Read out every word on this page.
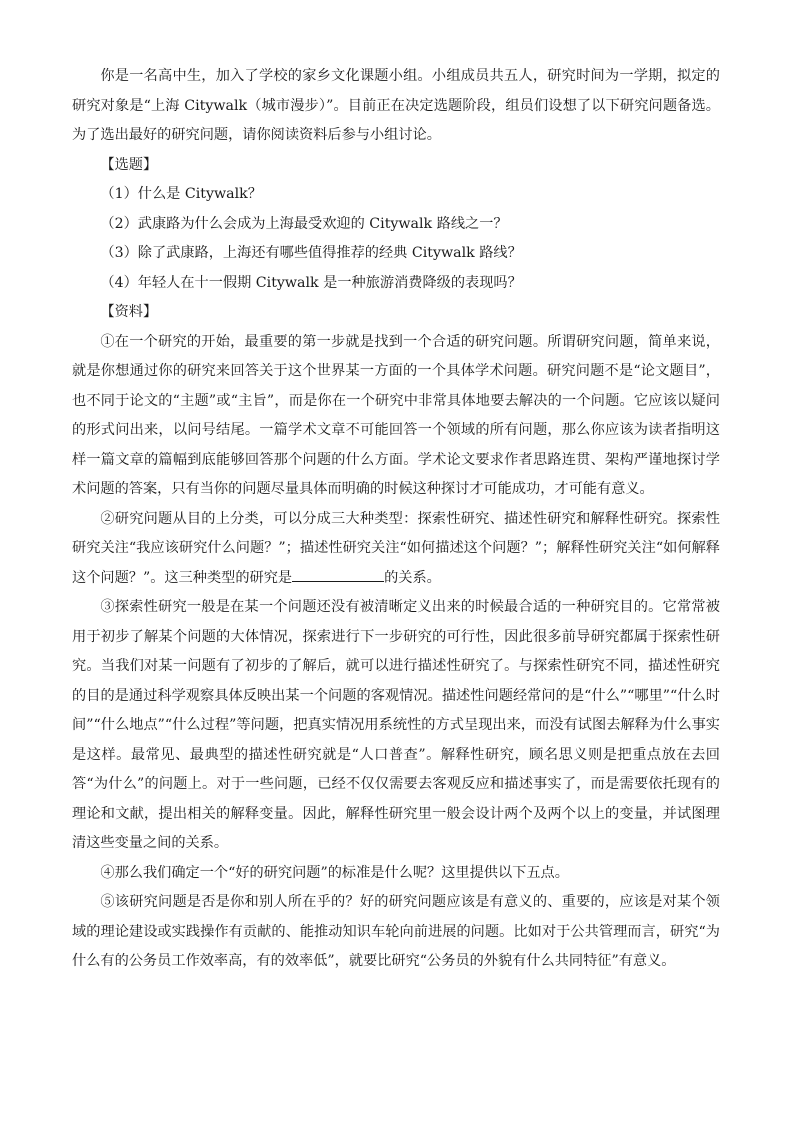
你是一名高中生，加入了学校的家乡文化课题小组。小组成员共五人，研究时间为一学期，拟定的研究对象是“上海 Citywalk（城市漫步）”。目前正在决定选题阶段，组员们设想了以下研究问题备选。为了选出最好的研究问题，请你阅读资料后参与小组讨论。

【选题】

（1）什么是 Citywalk？

（2）武康路为什么会成为上海最受欢迎的 Citywalk 路线之一？

（3）除了武康路，上海还有哪些值得推荐的经典 Citywalk 路线？

（4）年轻人在十一假期 Citywalk 是一种旅游消费降级的表现吗？

【资料】

①在一个研究的开始，最重要的第一步就是找到一个合适的研究问题。所谓研究问题，简单来说，就是你想通过你的研究来回答关于这个世界某一方面的一个具体学术问题。研究问题不是“论文题目”，也不同于论文的“主题”或“主旨”，而是你在一个研究中非常具体地要去解决的一个问题。它应该以疑问的形式问出来，以问号结尾。一篇学术文章不可能回答一个领域的所有问题，那么你应该为读者指明这样一篇文章的篇幅到底能够回答那个问题的什么方面。学术论文要求作者思路连贯、架构严谨地探讨学术问题的答案，只有当你的问题尽量具体而明确的时候这种探讨才可能成功，才可能有意义。

②研究问题从目的上分类，可以分成三大种类型：探索性研究、描述性研究和解释性研究。探索性研究关注“我应该研究什么问题？”；描述性研究关注“如何描述这个问题？”；解释性研究关注“如何解释这个问题？”。这三种类型的研究是	的关系。

③探索性研究一般是在某一个问题还没有被清晰定义出来的时候最合适的一种研究目的。它常常被用于初步了解某个问题的大体情况，探索进行下一步研究的可行性，因此很多前导研究都属于探索性研究。当我们对某一问题有了初步的了解后，就可以进行描述性研究了。与探索性研究不同，描述性研究的目的是通过科学观察具体反映出某一个问题的客观情况。描述性问题经常问的是“什么”“哪里”“什么时间”“什么地点”“什么过程”等问题，把真实情况用系统性的方式呈现出来，而没有试图去解释为什么事实是这样。最常见、最典型的描述性研究就是“人口普查”。解释性研究，顾名思义则是把重点放在去回答“为什么”的问题上。对于一些问题，已经不仅仅需要去客观反应和描述事实了，而是需要依托现有的理论和文献，提出相关的解释变量。因此，解释性研究里一般会设计两个及两个以上的变量，并试图理清这些变量之间的关系。

④那么我们确定一个“好的研究问题”的标准是什么呢？这里提供以下五点。

⑤该研究问题是否是你和别人所在乎的？好的研究问题应该是有意义的、重要的，应该是对某个领域的理论建设或实践操作有贡献的、能推动知识车轮向前进展的问题。比如对于公共管理而言，研究“为什么有的公务员工作效率高，有的效率低”，就要比研究“公务员的外貌有什么共同特征”有意义。
